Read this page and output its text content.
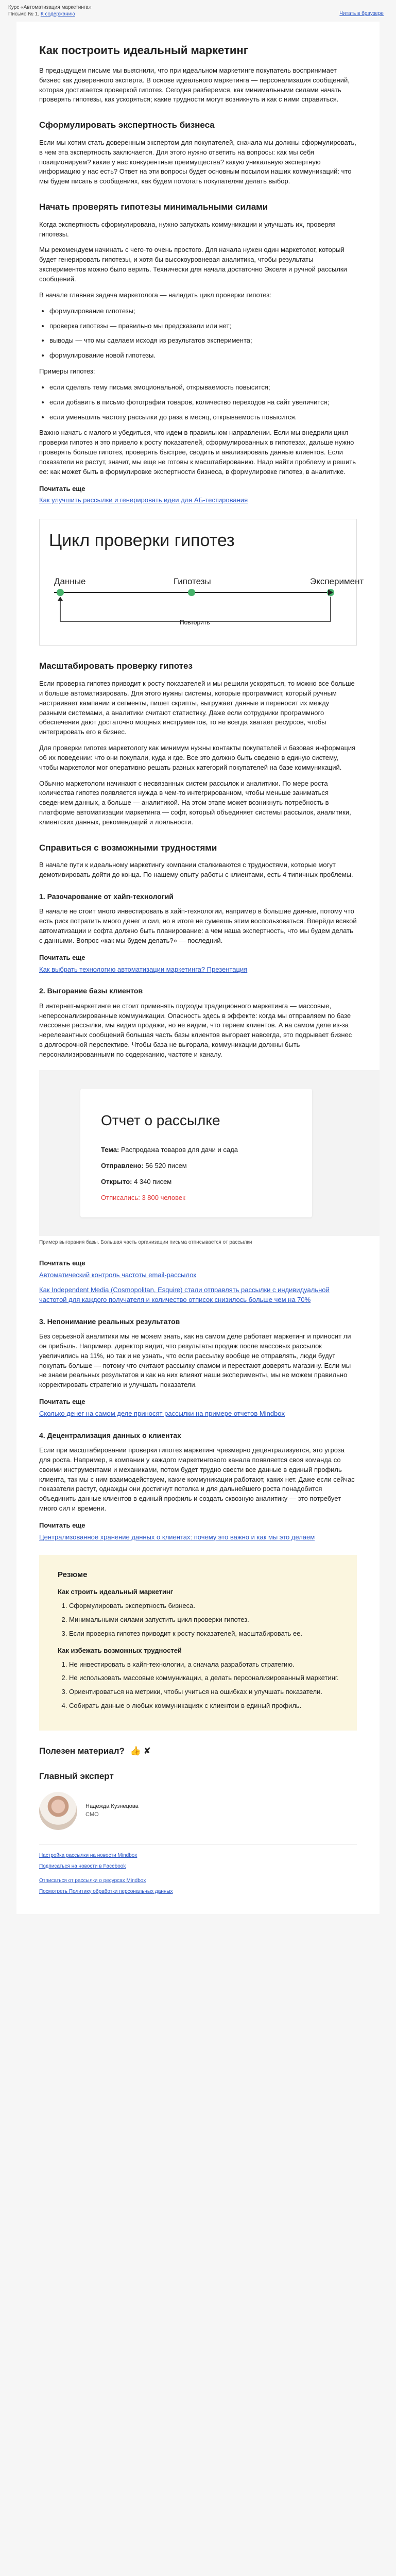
Курс «Автоматизация маркетинга»
Письмо № 1. К содержанию	Читать в браузере
Как построить идеальный маркетинг

В предыдущем письме мы выяснили, что при идеальном маркетинге покупатель воспринимает бизнес как доверенного эксперта. В основе идеального маркетинга — персонализация сообщений, которая достигается проверкой гипотез. Сегодня разберемся, как минимальными силами начать проверять гипотезы, как ускоряться; какие трудности могут возникнуть и как с ними справиться.

Сформулировать экспертность бизнеса

Если мы хотим стать доверенным экспертом для покупателей, сначала мы должны сформулировать, в чем эта экспертность заключается. Для этого нужно ответить на вопросы: как мы себя позиционируем? какие у нас конкурентные преимущества? какую уникальную экспертную информацию у нас есть? Ответ на эти вопросы будет основным посылом наших коммуникаций: что мы будем писать в сообщениях, как будем помогать покупателям делать выбор.

Начать проверять гипотезы минимальными силами

Когда экспертность сформулирована, нужно запускать коммуникации и улучшать их, проверяя гипотезы.

Мы рекомендуем начинать с чего-то очень простого. Для начала нужен один маркетолог, который будет генерировать гипотезы, и хотя бы высокоуровневая аналитика, чтобы результаты экспериментов можно было верить. Технически для начала достаточно Экселя и ручной рассылки сообщений.

В начале главная задача маркетолога — наладить цикл проверки гипотез:

• формулирование гипотезы;
• проверка гипотезы — правильно мы предсказали или нет;
• выводы — что мы сделаем исходя из результатов эксперимента;
• формулирование новой гипотезы.

Примеры гипотез:

• если сделать тему письма эмоциональной, открываемость повысится;
• если добавить в письмо фотографии товаров, количество переходов на сайт увеличится;
• если уменьшить частоту рассылки до раза в месяц, открываемость повысится.

Важно начать с малого и убедиться, что идем в правильном направлении. Если мы внедрили цикл проверки гипотез и это привело к росту показателей, сформулированных в гипотезах, дальше нужно проверять больше гипотез, проверять быстрее, сводить и анализировать данные клиентов. Если показатели не растут, значит, мы еще не готовы к масштабированию. Надо найти проблему и решить ее: как может быть в формулировке экспертности бизнеса, в формулировке гипотез, в аналитике.

Почитать еще

Как улучшить рассылки и генерировать идеи для АБ-тестирования

Цикл проверки гипотез
Данные	Гипотезы	Эксперимент
Повторить
Масштабировать проверку гипотез

Если проверка гипотез приводит к росту показателей и мы решили ускоряться, то можно все больше и больше автоматизировать. Для этого нужны системы, которые программист, который ручным настраивает кампании и сегменты, пишет скрипты, выгружает данные и переносит их между разными системами, а аналитики считают статистику. Даже если сотрудники программного обеспечения дают достаточно мощных инструментов, то не всегда хватает ресурсов, чтобы интегрировать его в бизнес.

Для проверки гипотез маркетологу как минимум нужны контакты покупателей и базовая информация об их поведении: что они покупали, куда и где. Все это должно быть сведено в единую систему, чтобы маркетолог мог оперативно решать разных категорий покупателей на базе коммуникаций.

Обычно маркетологи начинают с несвязанных систем рассылок и аналитики. По мере роста количества гипотез появляется нужда в чем-то интегрированном, чтобы меньше заниматься сведением данных, а больше — аналитикой. На этом этапе может возникнуть потребность в платформе автоматизации маркетинга — софт, который объединяет системы рассылок, аналитики, клиентских данных, рекомендаций и лояльности.

Справиться с возможными трудностями

В начале пути к идеальному маркетингу компании сталкиваются с трудностями, которые могут демотивировать дойти до конца. По нашему опыту работы с клиентами, есть 4 типичных проблемы.

1. Разочарование от хайп-технологий

В начале не стоит много инвестировать в хайп-технологии, например в большие данные, потому что есть риск потратить много денег и сил, но в итоге не сумеешь этим воспользоваться. Вперёди всякой автоматизации и софта должно быть планирование: а чем наша экспертность, что мы будем делать с данными. Вопрос «как мы будем делать?» — последний.

Почитать еще

Как выбрать технологию автоматизации маркетинга? Презентация

2. Выгорание базы клиентов

В интернет-маркетинге не стоит применять подходы традиционного маркетинга — массовые, неперсонализированные коммуникации. Опасность здесь в эффекте: когда мы отправляем по базе массовые рассылки, мы видим продажи, но не видим, что теряем клиентов. А на самом деле из-за нерелевантных сообщений большая часть базы клиентов выгорает навсегда, это подрывает бизнес в долгосрочной перспективе. Чтобы база не выгорала, коммуникации должны быть персонализированными по содержанию, частоте и каналу.

Отчет о рассылке
Тема: Распродажа товаров для дачи и сада
Отправлено: 56 520 писем
Открыто: 4 340 писем
Отписались: 3 800 человек

Пример выгорания базы. Большая часть организации письма отписывается от рассылки

Почитать еще

Автоматический контроль частоты email-рассылок

Как Independent Media (Cosmopolitan, Esquire) стали отправлять рассылки с индивидуальной частотой для каждого получателя и количество отписок снизилось больше чем на 70%

3. Непонимание реальных результатов

Без серьезной аналитики мы не можем знать, как на самом деле работает маркетинг и приносит ли он прибыль. Например, директор видит, что результаты продаж после массовых рассылок увеличились на 11%, но так и не узнать, что если рассылку вообще не отправлять, люди будут покупать больше — потому что считают рассылку спамом и перестают доверять магазину. Если мы не знаем реальных результатов и как на них влияют наши эксперименты, мы не можем правильно корректировать стратегию и улучшать показатели.

Почитать еще

Сколько денег на самом деле приносят рассылки на примере отчетов Mindbox

4. Децентрализация данных о клиентах

Если при масштабировании проверки гипотез маркетинг чрезмерно децентрализуется, это угроза для роста. Например, в компании у каждого маркетингового канала появляется своя команда со своими инструментами и механиками, потом будет трудно свести все данные в единый профиль клиента, так мы с ним взаимодействуем, какие коммуникации работают, каких нет. Даже если сейчас показатели растут, однажды они достигнут потолка и для дальнейшего роста понадобится объединить данные клиентов в единый профиль и создать сквозную аналитику — это потребует много сил и времени.

Почитать еще

Централизованное хранение данных о клиентах: почему это важно и как мы это делаем

Резюме

Как строить идеальный маркетинг

1. Сформулировать экспертность бизнеса.
2. Минимальными силами запустить цикл проверки гипотез.
3. Если проверка гипотез приводит к росту показателей, масштабировать ее.

Как избежать возможных трудностей

1. Не инвестировать в хайп-технологии, а сначала разработать стратегию.
2. Не использовать массовые коммуникации, а делать персонализированный маркетинг.
3. Ориентироваться на метрики, чтобы учиться на ошибках и улучшать показатели.
4. Собирать данные о любых коммуникациях с клиентом в единый профиль.
Полезен материал? 👍 ✘
Главный эксперт
Надежда Кузнецова
CMO
Настройка рассылки на новости Mindbox
Подписаться на новости в Facebook
Отписаться от рассылки о ресурсах Mindbox
Посмотреть Политику обработки персональных данных
